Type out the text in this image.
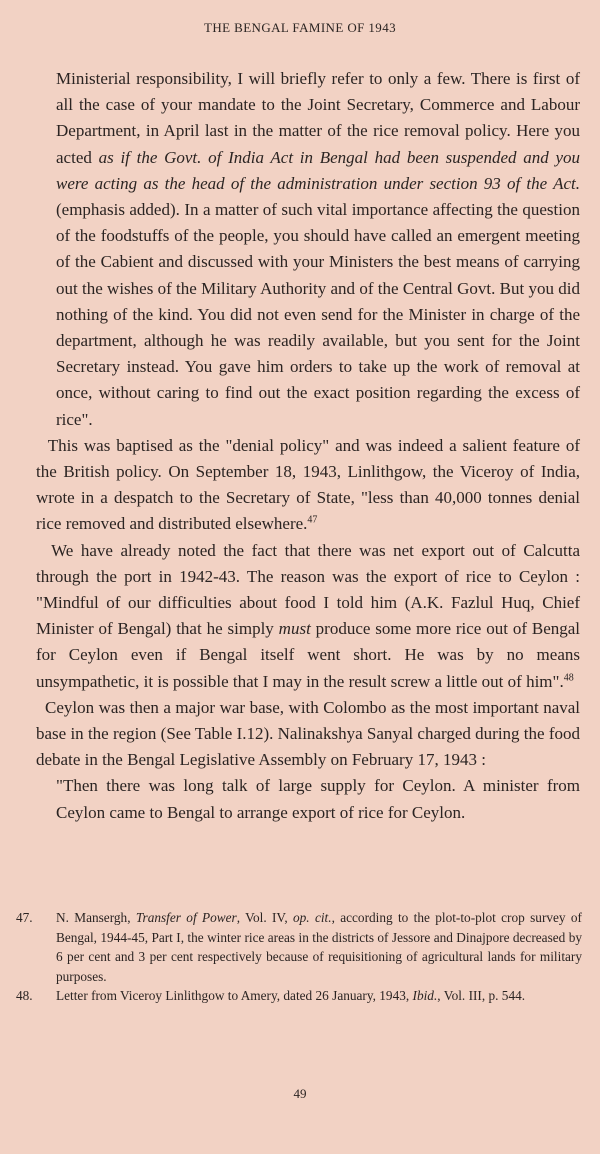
THE BENGAL FAMINE OF 1943

Ministerial responsibility, I will briefly refer to only a few. There is first of all the case of your mandate to the Joint Secretary, Commerce and Labour Department, in April last in the matter of the rice removal policy. Here you acted as if the Govt. of India Act in Bengal had been suspended and you were acting as the head of the administration under section 93 of the Act. (emphasis added). In a matter of such vital importance affecting the question of the foodstuffs of the people, you should have called an emergent meeting of the Cabient and discussed with your Ministers the best means of carrying out the wishes of the Military Authority and of the Central Govt. But you did nothing of the kind. You did not even send for the Minister in charge of the department, although he was readily available, but you sent for the Joint Secretary instead. You gave him orders to take up the work of removal at once, without caring to find out the exact position regarding the excess of rice".

This was baptised as the "denial policy" and was indeed a salient feature of the British policy. On September 18, 1943, Linlithgow, the Viceroy of India, wrote in a despatch to the Secretary of State, "less than 40,000 tonnes denial rice removed and distributed elsewhere.$^{47}$

We have already noted the fact that there was net export out of Calcutta through the port in 1942-43. The reason was the export of rice to Ceylon : "Mindful of our difficulties about food I told him (A.K. Fazlul Huq, Chief Minister of Bengal) that he simply must produce some more rice out of Bengal for Ceylon even if Bengal itself went short. He was by no means unsympathetic, it is possible that I may in the result screw a little out of him".$^{48}$

Ceylon was then a major war base, with Colombo as the most important naval base in the region (See Table I.12). Nalinakshya Sanyal charged during the food debate in the Bengal Legislative Assembly on February 17, 1943 :

"Then there was long talk of large supply for Ceylon. A minister from Ceylon came to Bengal to arrange export of rice for Ceylon.

47.	N. Mansergh, Transfer of Power, Vol. IV, op. cit., according to the plot-to-plot crop survey of Bengal, 1944-45, Part I, the winter rice areas in the districts of Jessore and Dinajpore decreased by 6 per cent and 3 per cent respectively because of requisitioning of agricultural lands for military purposes.
48.	Letter from Viceroy Linlithgow to Amery, dated 26 January, 1943, Ibid., Vol. III, p. 544.
49
